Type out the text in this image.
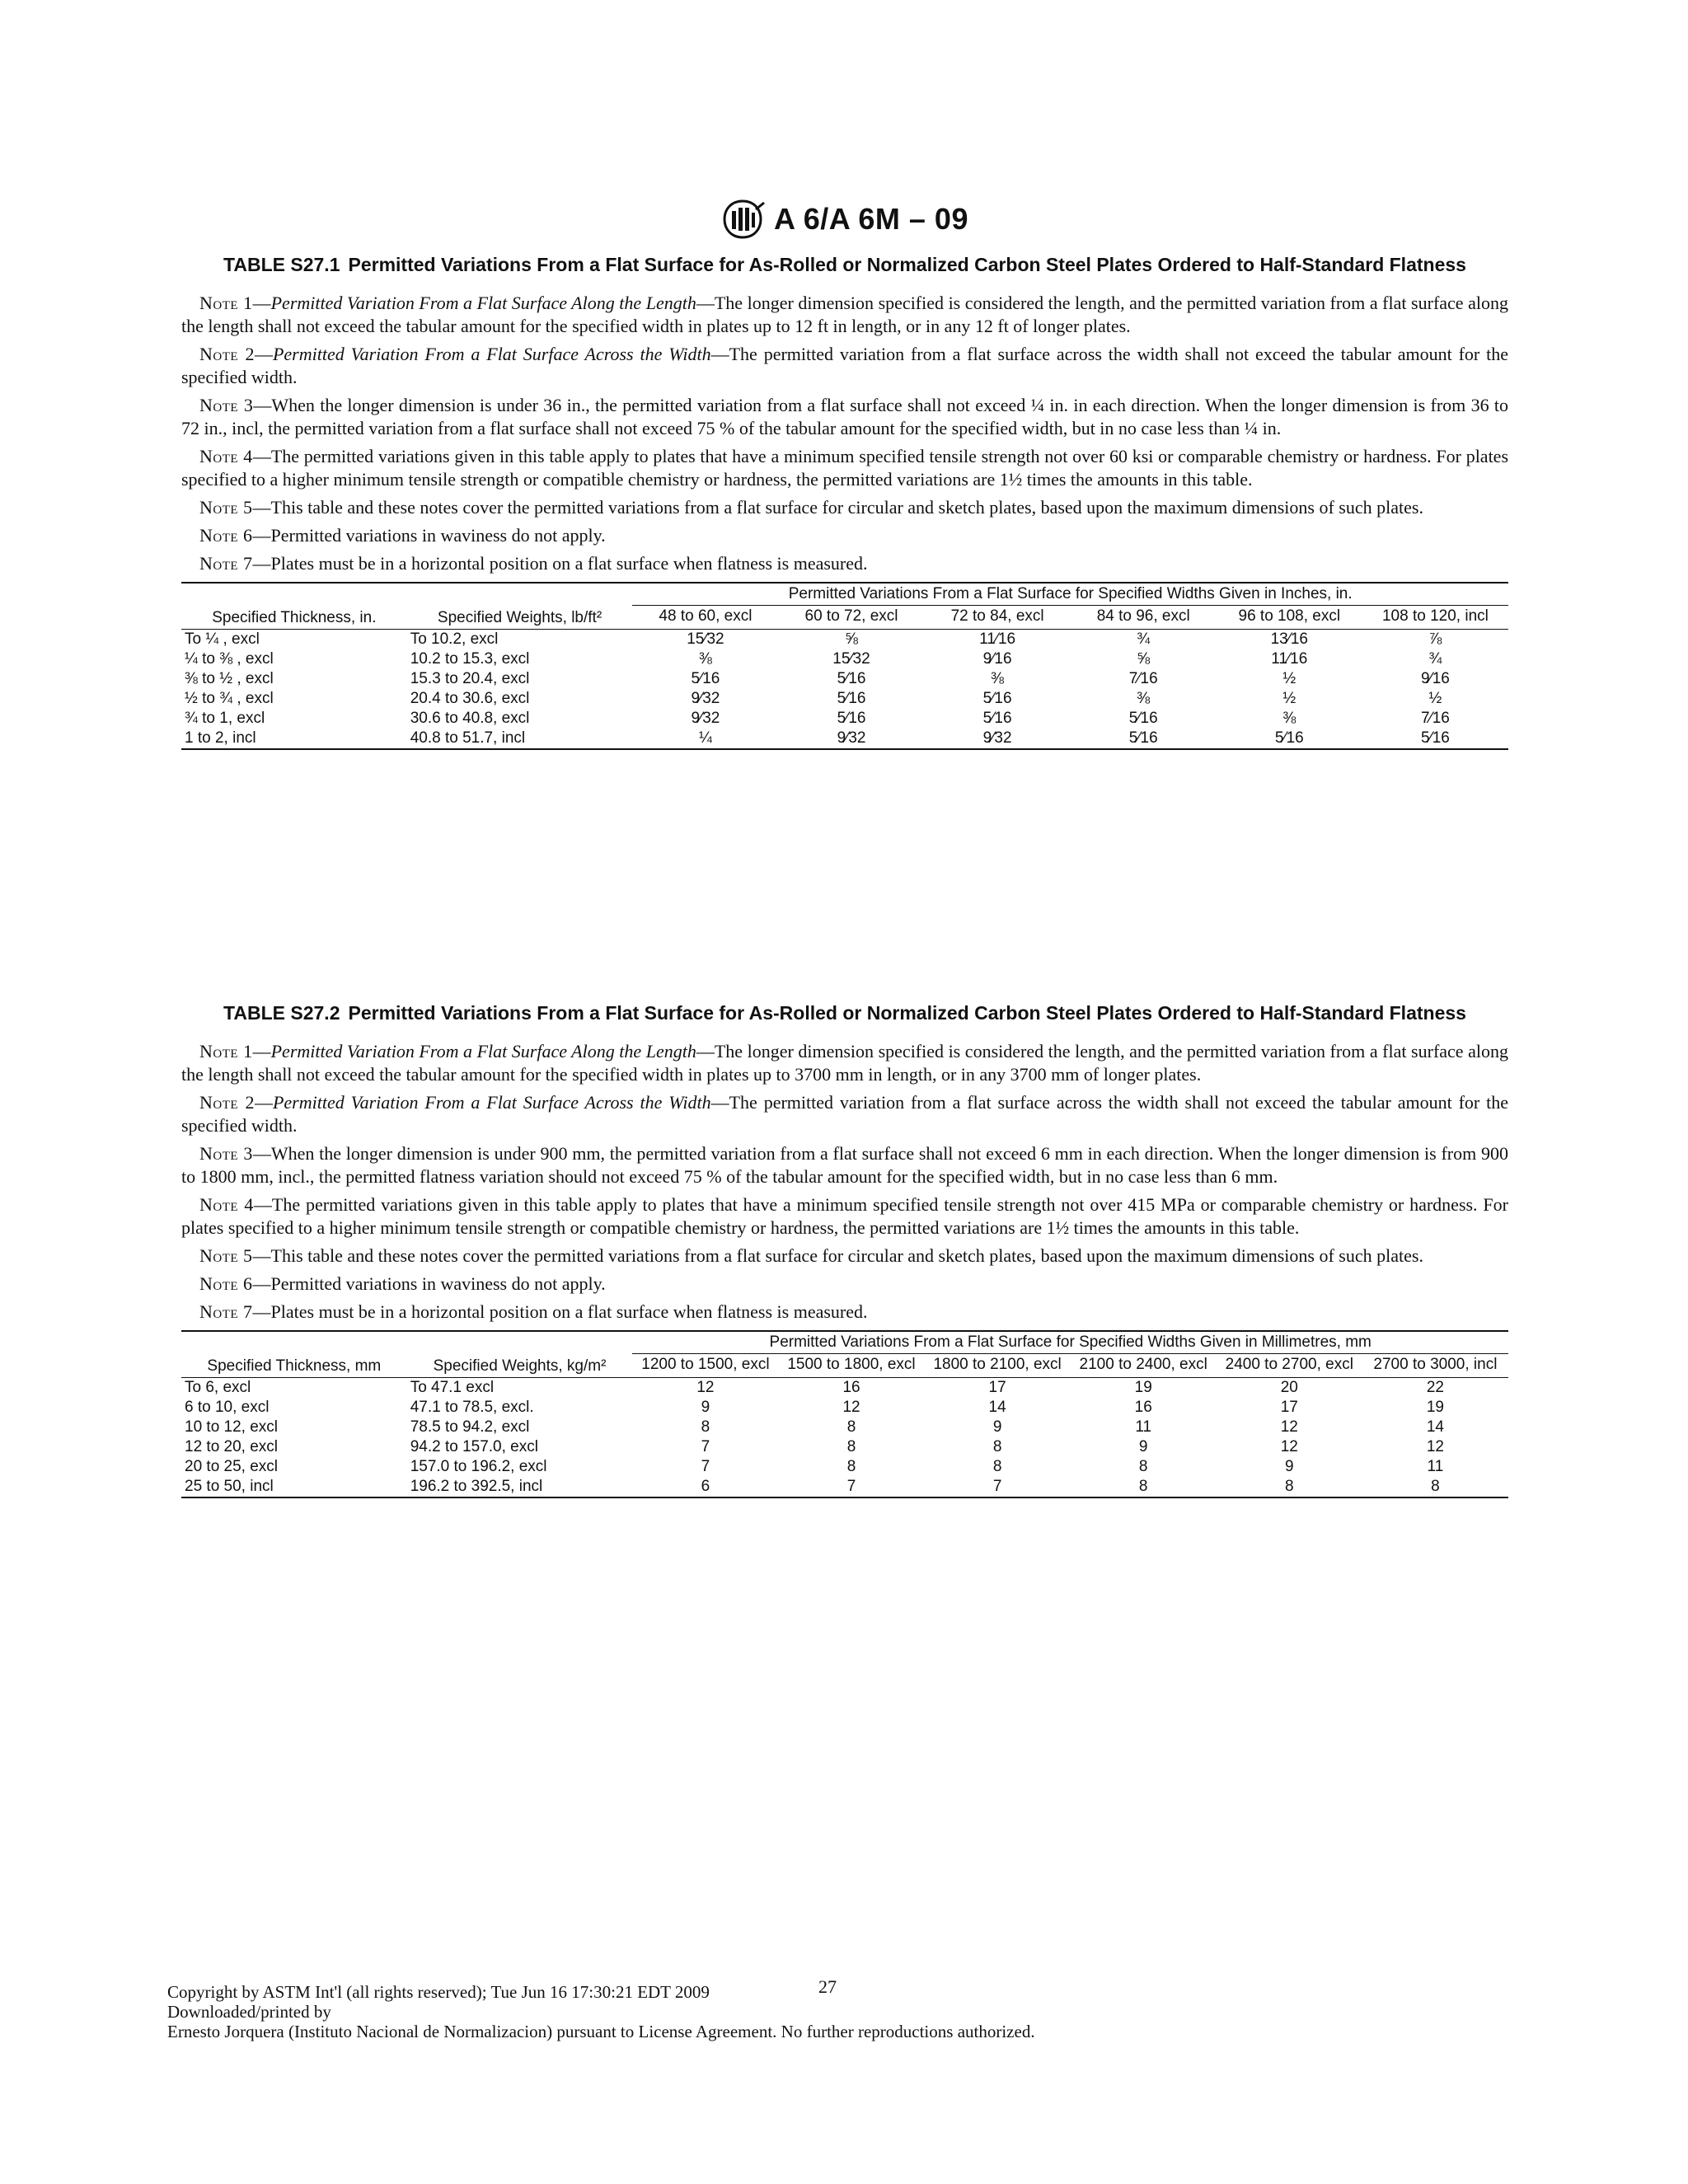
A 6/A 6M – 09
TABLE S27.1 Permitted Variations From a Flat Surface for As-Rolled or Normalized Carbon Steel Plates Ordered to Half-Standard Flatness

Note 1—Permitted Variation From a Flat Surface Along the Length—The longer dimension specified is considered the length, and the permitted variation from a flat surface along the length shall not exceed the tabular amount for the specified width in plates up to 12 ft in length, or in any 12 ft of longer plates.

Note 2—Permitted Variation From a Flat Surface Across the Width—The permitted variation from a flat surface across the width shall not exceed the tabular amount for the specified width.

Note 3—When the longer dimension is under 36 in., the permitted variation from a flat surface shall not exceed ¼ in. in each direction. When the longer dimension is from 36 to 72 in., incl, the permitted variation from a flat surface shall not exceed 75 % of the tabular amount for the specified width, but in no case less than ¼ in.

Note 4—The permitted variations given in this table apply to plates that have a minimum specified tensile strength not over 60 ksi or comparable chemistry or hardness. For plates specified to a higher minimum tensile strength or compatible chemistry or hardness, the permitted variations are 1½ times the amounts in this table.

Note 5—This table and these notes cover the permitted variations from a flat surface for circular and sketch plates, based upon the maximum dimensions of such plates.

Note 6—Permitted variations in waviness do not apply.

Note 7—Plates must be in a horizontal position on a flat surface when flatness is measured.

Specified Thickness, in.	Specified Weights, lb/ft²	Permitted Variations From a Flat Surface for Specified Widths Given in Inches, in.					
		48 to 60, excl	60 to 72, excl	72 to 84, excl	84 to 96, excl	96 to 108, excl	108 to 120, incl
To ¼ , excl	To 10.2, excl	15⁄32	⅝	11⁄16	¾	13⁄16	⅞
¼ to ⅜ , excl	10.2 to 15.3, excl	⅜	15⁄32	9⁄16	⅝	11⁄16	¾
⅜ to ½ , excl	15.3 to 20.4, excl	5⁄16	5⁄16	⅜	7⁄16	½	9⁄16
½ to ¾ , excl	20.4 to 30.6, excl	9⁄32	5⁄16	5⁄16	⅜	½	½
¾ to 1, excl	30.6 to 40.8, excl	9⁄32	5⁄16	5⁄16	5⁄16	⅜	7⁄16
1 to 2, incl	40.8 to 51.7, incl	¼	9⁄32	9⁄32	5⁄16	5⁄16	5⁄16
TABLE S27.2 Permitted Variations From a Flat Surface for As-Rolled or Normalized Carbon Steel Plates Ordered to Half-Standard Flatness

Note 1—Permitted Variation From a Flat Surface Along the Length—The longer dimension specified is considered the length, and the permitted variation from a flat surface along the length shall not exceed the tabular amount for the specified width in plates up to 3700 mm in length, or in any 3700 mm of longer plates.

Note 2—Permitted Variation From a Flat Surface Across the Width—The permitted variation from a flat surface across the width shall not exceed the tabular amount for the specified width.

Note 3—When the longer dimension is under 900 mm, the permitted variation from a flat surface shall not exceed 6 mm in each direction. When the longer dimension is from 900 to 1800 mm, incl., the permitted flatness variation should not exceed 75 % of the tabular amount for the specified width, but in no case less than 6 mm.

Note 4—The permitted variations given in this table apply to plates that have a minimum specified tensile strength not over 415 MPa or comparable chemistry or hardness. For plates specified to a higher minimum tensile strength or compatible chemistry or hardness, the permitted variations are 1½ times the amounts in this table.

Note 5—This table and these notes cover the permitted variations from a flat surface for circular and sketch plates, based upon the maximum dimensions of such plates.

Note 6—Permitted variations in waviness do not apply.

Note 7—Plates must be in a horizontal position on a flat surface when flatness is measured.

Specified Thickness, mm	Specified Weights, kg/m²	Permitted Variations From a Flat Surface for Specified Widths Given in Millimetres, mm					
		1200 to 1500, excl	1500 to 1800, excl	1800 to 2100, excl	2100 to 2400, excl	2400 to 2700, excl	2700 to 3000, incl
To 6, excl	To 47.1 excl	12	16	17	19	20	22
6 to 10, excl	47.1 to 78.5, excl.	9	12	14	16	17	19
10 to 12, excl	78.5 to 94.2, excl	8	8	9	11	12	14
12 to 20, excl	94.2 to 157.0, excl	7	8	8	9	12	12
20 to 25, excl	157.0 to 196.2, excl	7	8	8	8	9	11
25 to 50, incl	196.2 to 392.5, incl	6	7	7	8	8	8
27
Copyright by ASTM Int'l (all rights reserved); Tue Jun 16 17:30:21 EDT 2009
Downloaded/printed by
Ernesto Jorquera (Instituto Nacional de Normalizacion) pursuant to License Agreement. No further reproductions authorized.
